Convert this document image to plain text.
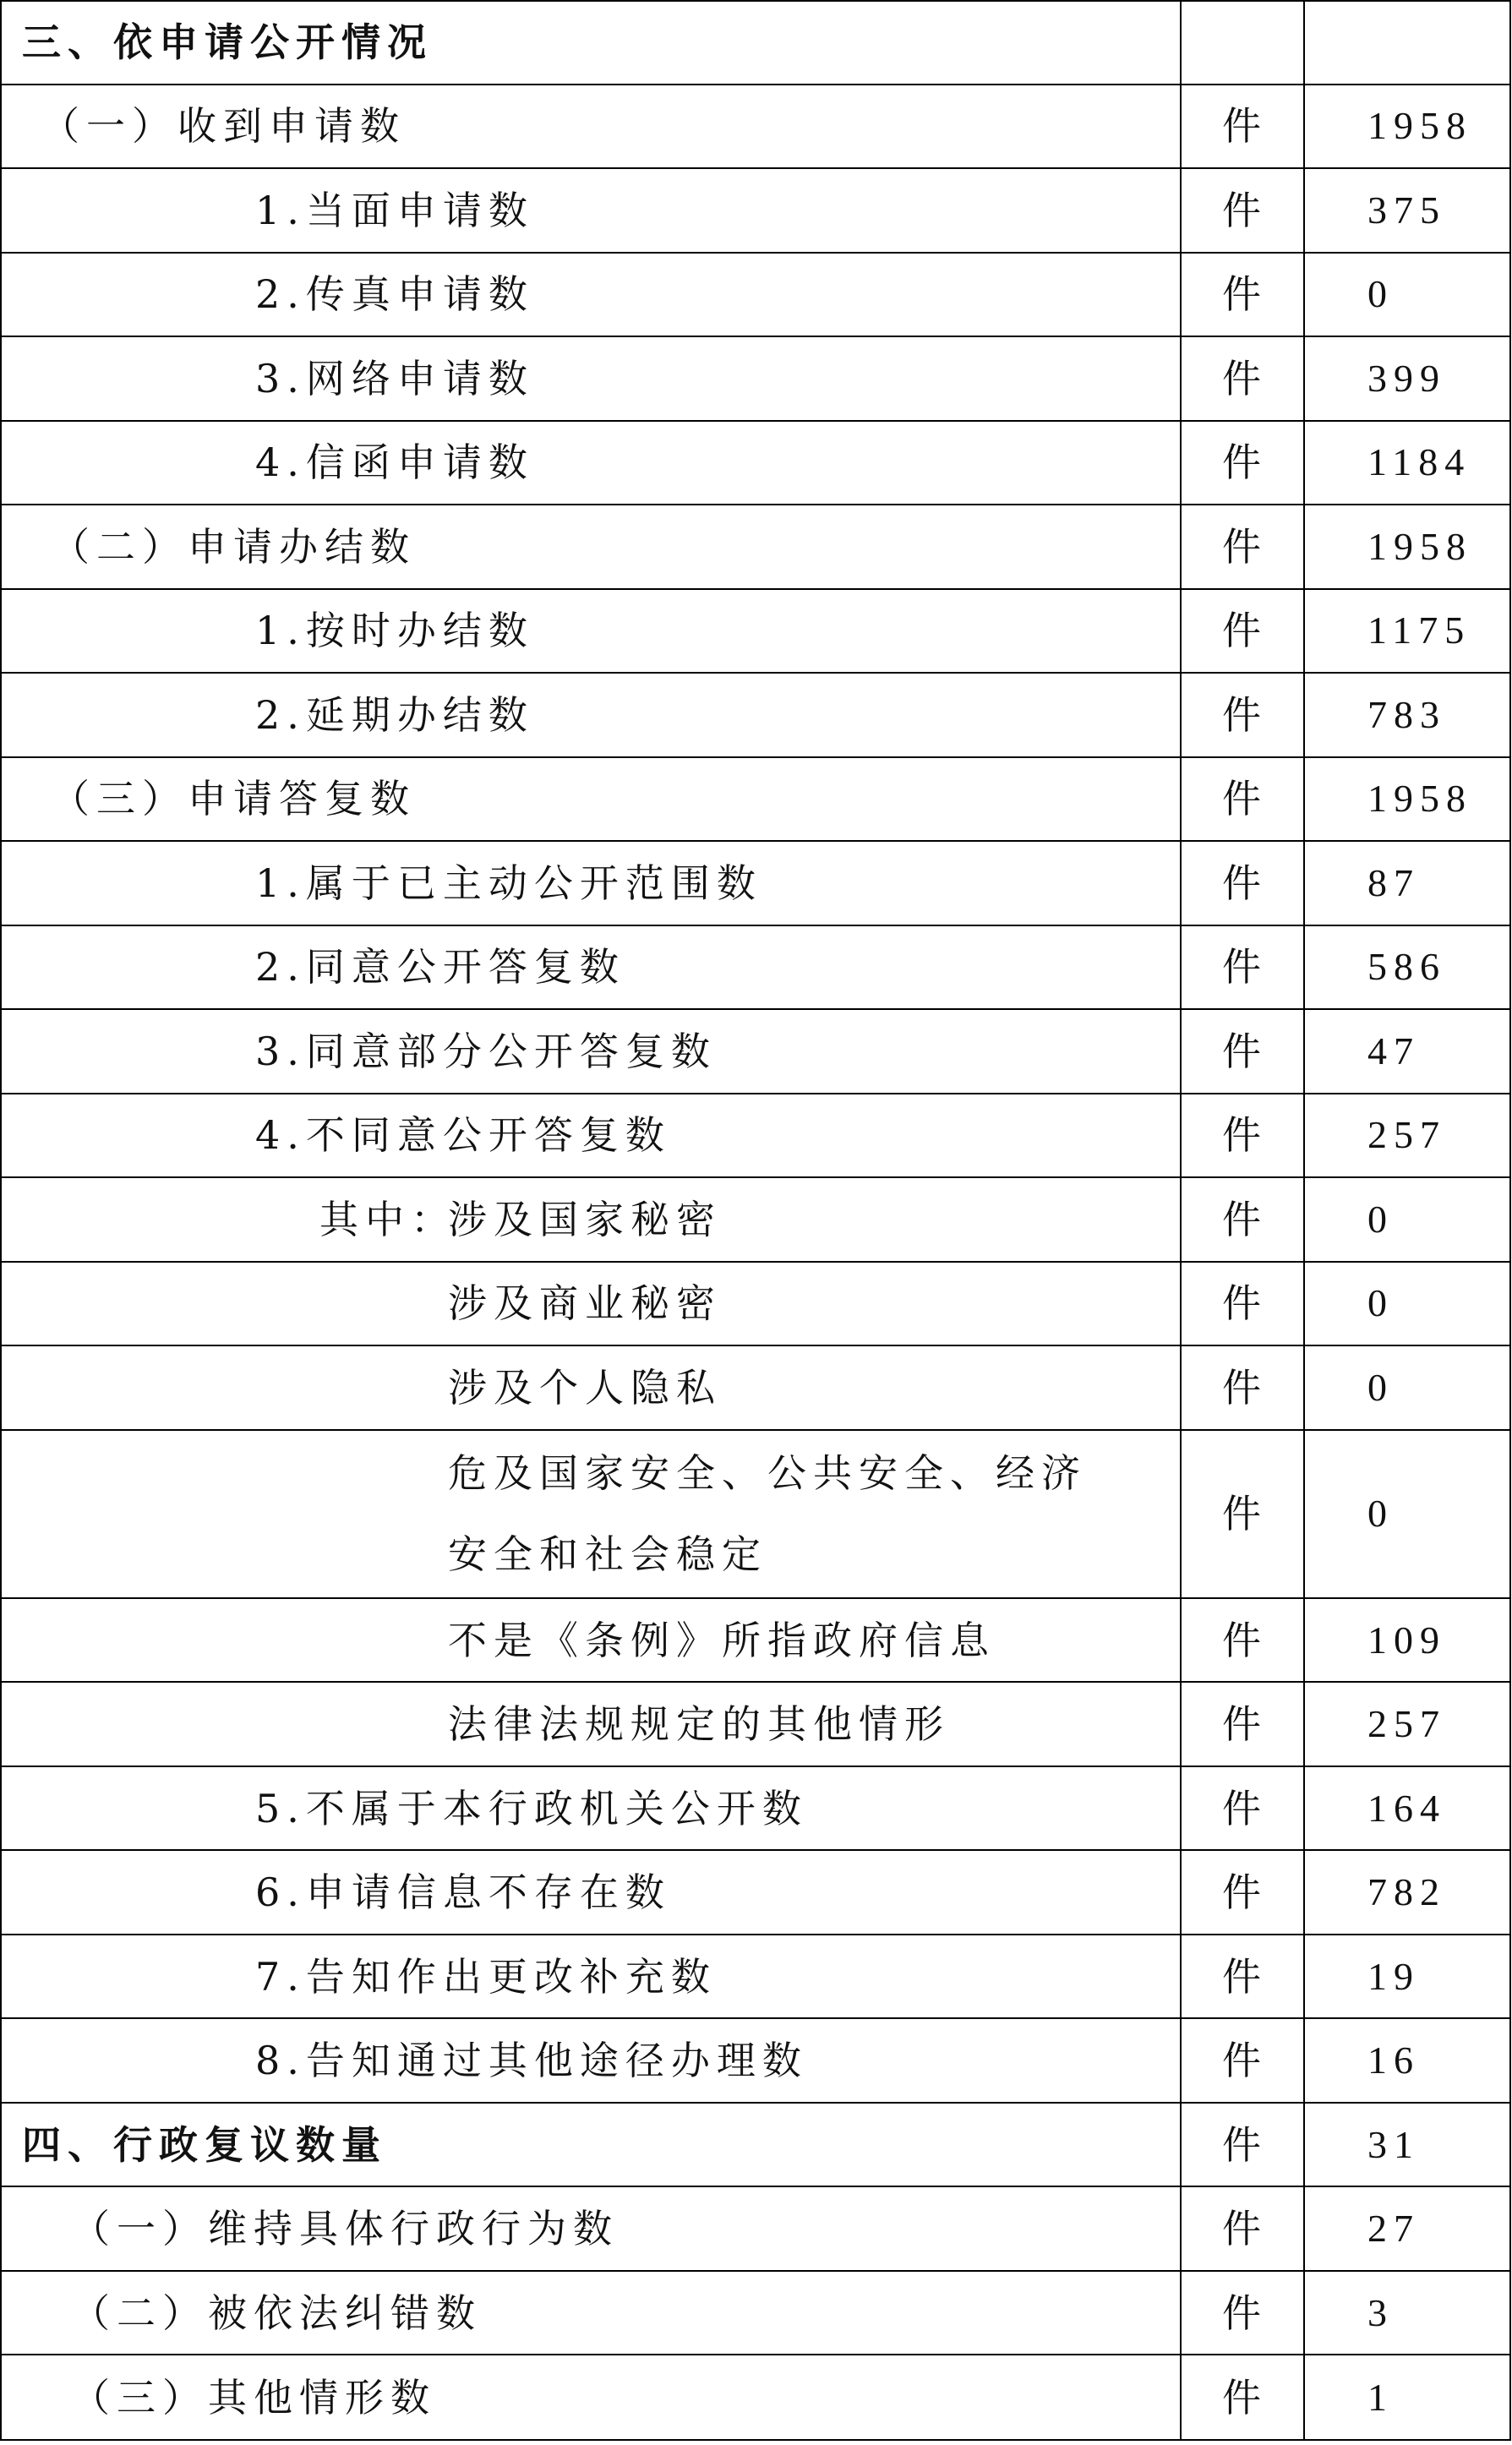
三、依申请公开情况		

（一）收到申请数	件	1958
1.当面申请数	件	375
2.传真申请数	件	0
3.网络申请数	件	399
4.信函申请数	件	1184
（二）申请办结数	件	1958
1.按时办结数	件	1175
2.延期办结数	件	783
（三）申请答复数	件	1958
1.属于已主动公开范围数	件	87
2.同意公开答复数	件	586
3.同意部分公开答复数	件	47
4.不同意公开答复数	件	257
其中：涉及国家秘密	件	0
涉及商业秘密	件	0
涉及个人隐私	件	0

危及国家安全、公共安全、经济安全和社会稳定	件	0
不是《条例》所指政府信息	件	109
法律法规规定的其他情形	件	257
5.不属于本行政机关公开数	件	164
6.申请信息不存在数	件	782
7.告知作出更改补充数	件	19
8.告知通过其他途径办理数	件	16

四、行政复议数量	件	31
（一）维持具体行政行为数	件	27
（二）被依法纠错数	件	3
（三）其他情形数	件	1
